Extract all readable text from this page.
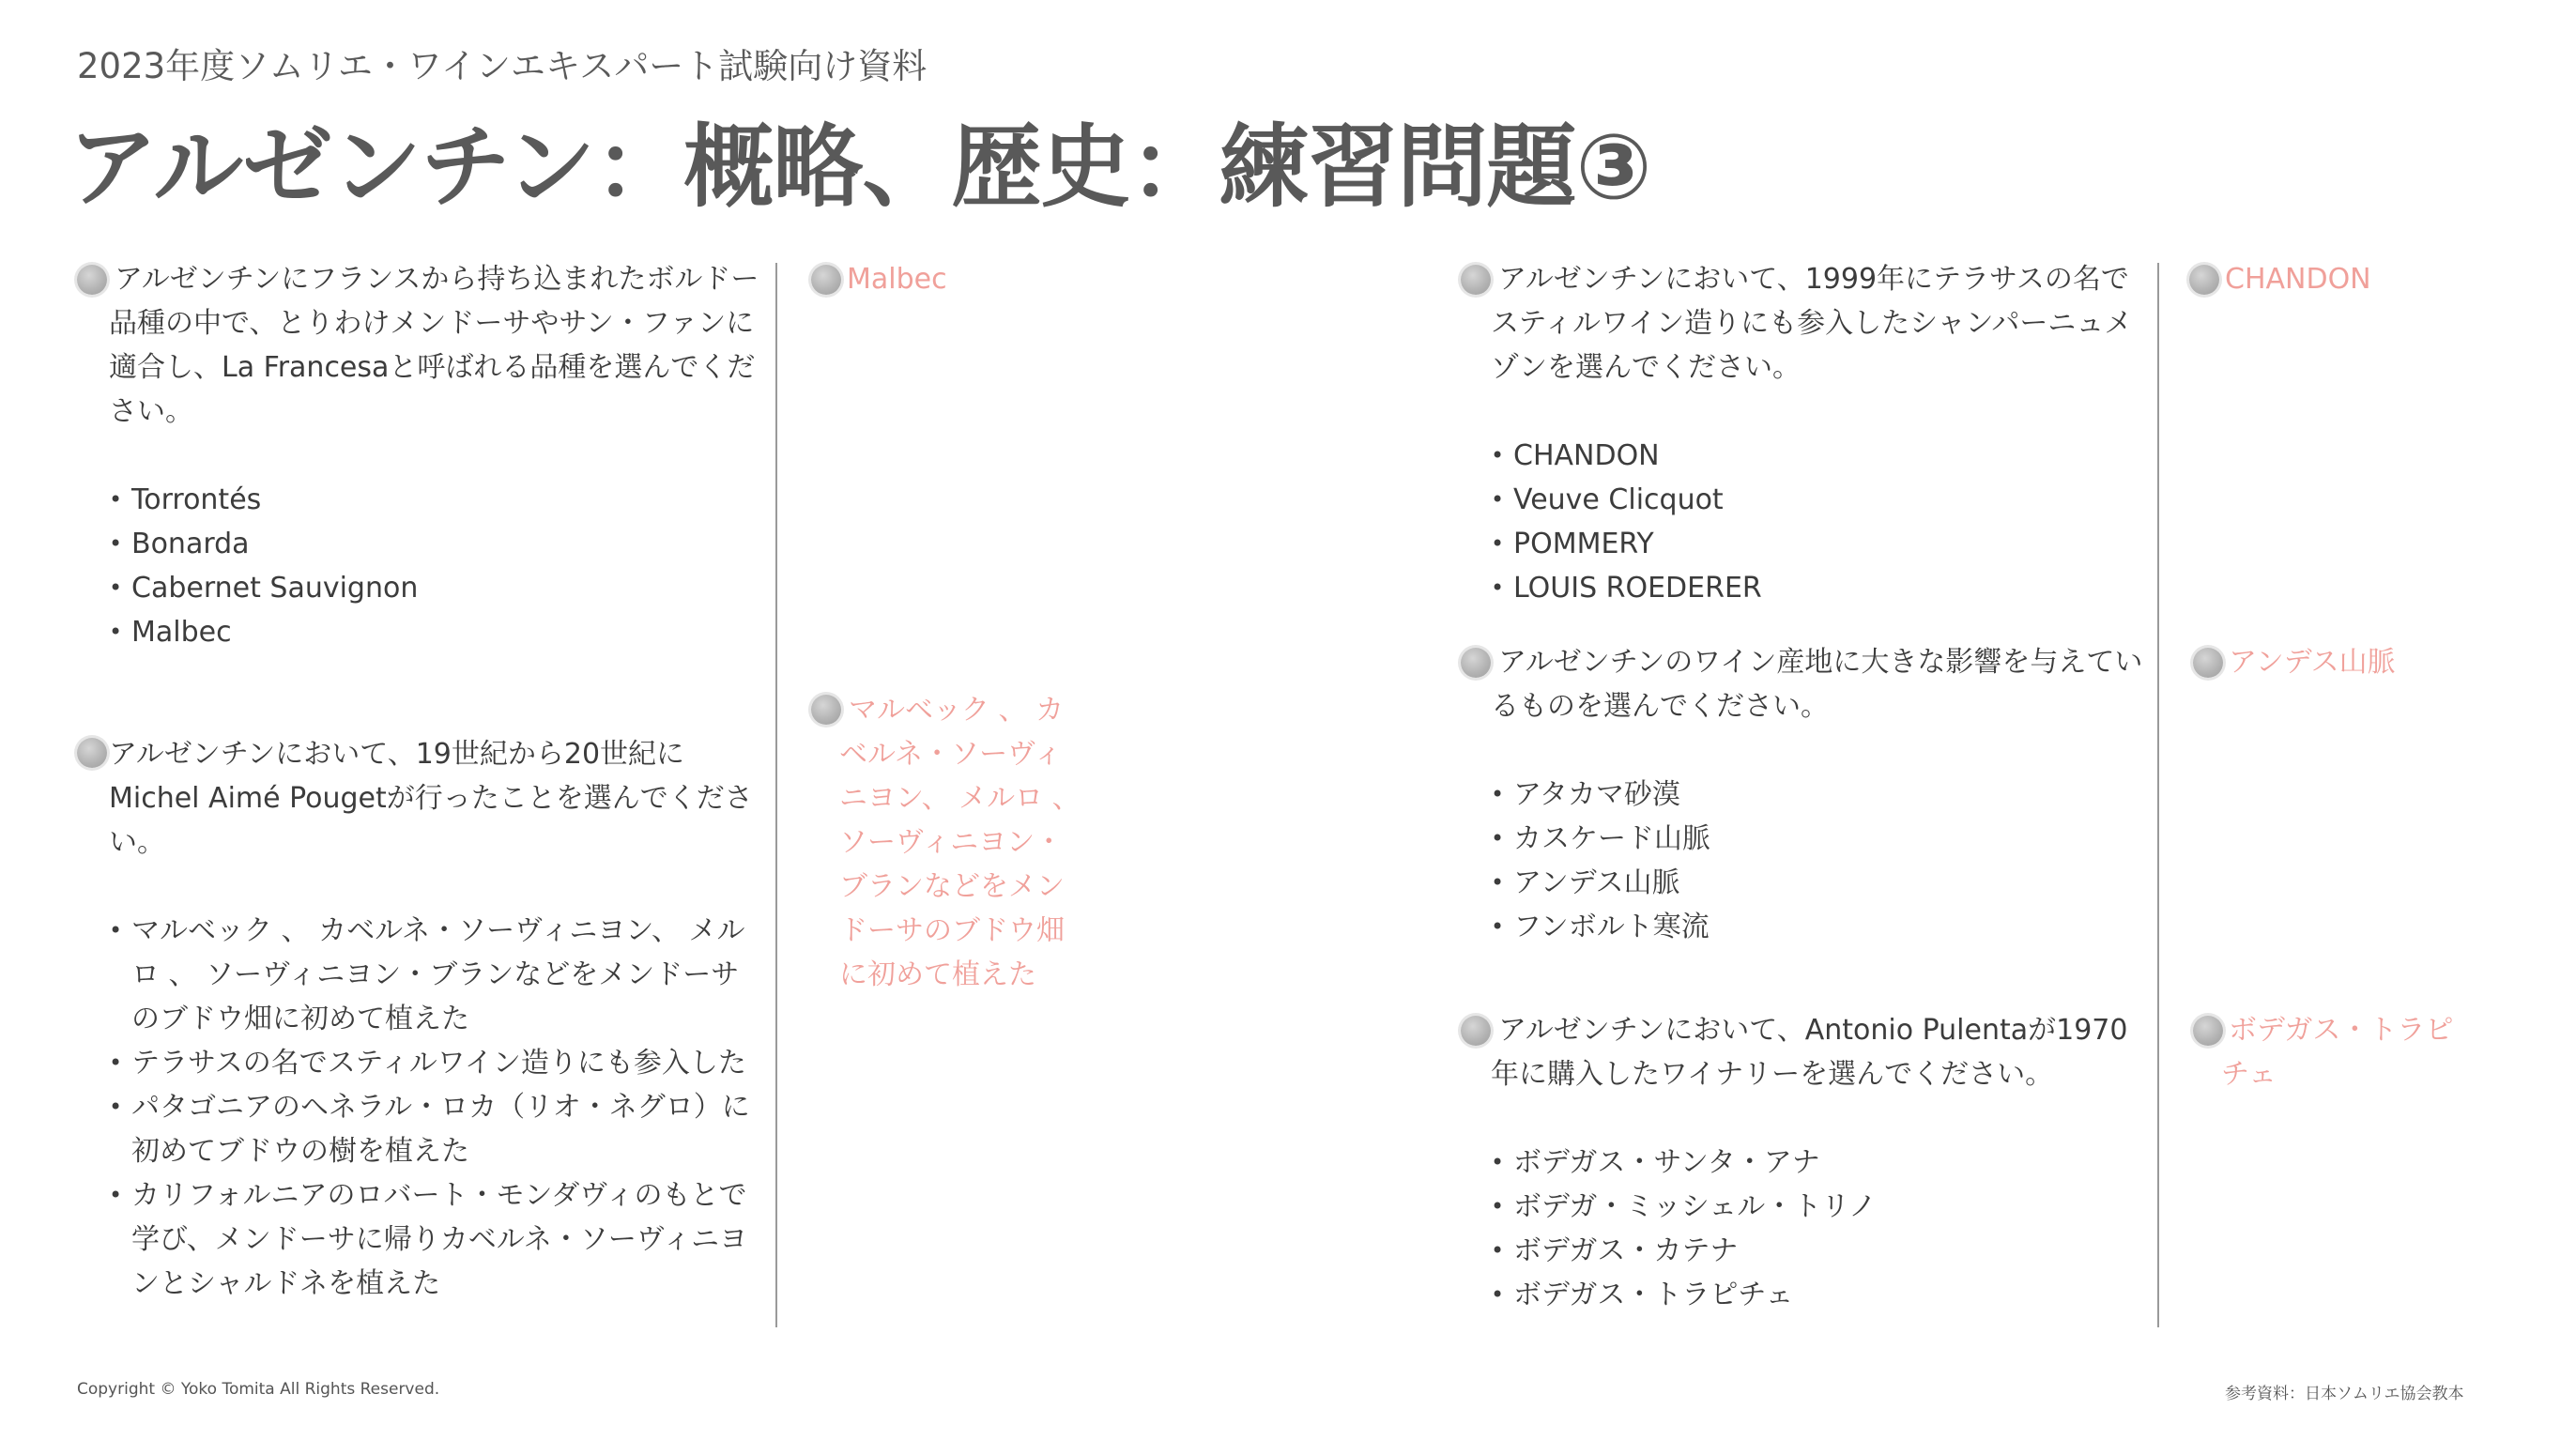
2023年度ソムリエ・ワインエキスパート試験向け資料
アルゼンチン：概略、歴史：練習問題③

アルゼンチンにフランスから持ち込まれたボルドー品種の中で、とりわけメンドーサやサン・ファンに適合し、La Francesaと呼ばれる品種を選んでください。

• Torrontés
• Bonarda
• Cabernet Sauvignon
• Malbec
Malbec

アルゼンチンにおいて、19世紀から20世紀にMichel Aimé Pougetが行ったことを選んでください。

• マルベック 、 カベルネ・ソーヴィニヨン、 メルロ 、 ソーヴィニヨン・ブランなどをメンドーサのブドウ畑に初めて植えた
• テラサスの名でスティルワイン造りにも参入した
• パタゴニアのヘネラル・ロカ（リオ・ネグロ）に初めてブドウの樹を植えた
• カリフォルニアのロバート・モンダヴィのもとで学び、メンドーサに帰りカベルネ・ソーヴィニヨンとシャルドネを植えた
マルベック 、 カベルネ・ソーヴィニヨン、 メルロ 、 ソーヴィニヨン・ブランなどをメンドーサのブドウ畑に初めて植えた

アルゼンチンにおいて、1999年にテラサスの名でスティルワイン造りにも参入したシャンパーニュメゾンを選んでください。

• CHANDON
• Veuve Clicquot
• POMMERY
• LOUIS ROEDERER
CHANDON

アルゼンチンのワイン産地に大きな影響を与えているものを選んでください。

• アタカマ砂漠
• カスケード山脈
• アンデス山脈
• フンボルト寒流
アンデス山脈

アルゼンチンにおいて、Antonio Pulentaが1970年に購入したワイナリーを選んでください。

• ボデガス・サンタ・アナ
• ボデガ・ミッシェル・トリノ
• ボデガス・カテナ
• ボデガス・トラピチェ
ボデガス・トラピチェ
Copyright © Yoko Tomita All Rights Reserved.	参考資料：日本ソムリエ協会教本
